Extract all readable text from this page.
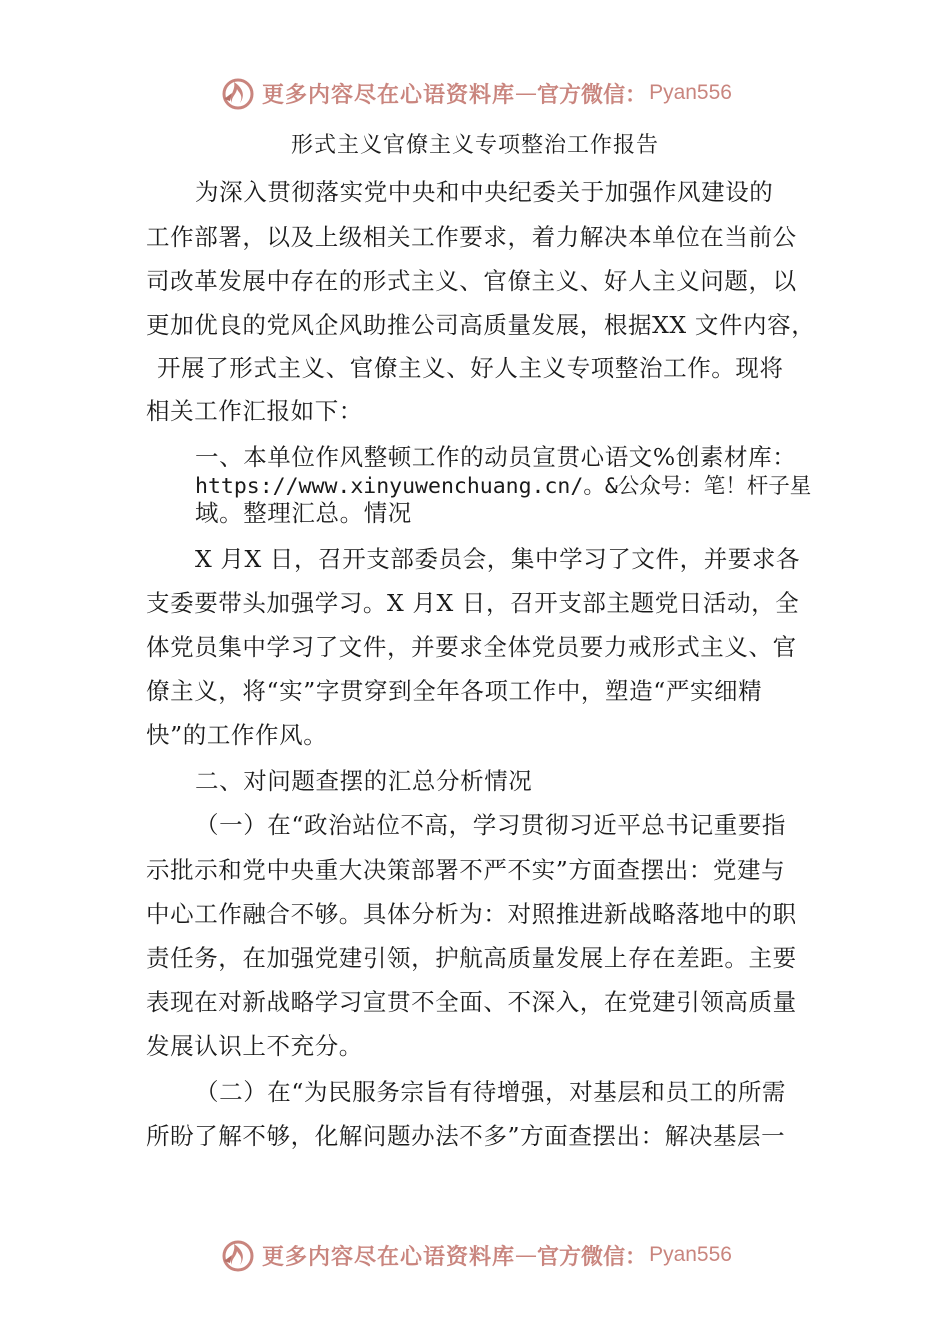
更多内容尽在心语资料库 — 官方微信： Pyan556
形式主义官僚主义专项整治工作报告
为深入贯彻落实党中央和中央纪委关于加强作风建设的
工作部署，以及上级相关工作要求，着力解决本单位在当前公
司改革发展中存在的形式主义、官僚主义、好人主义问题，以
更加优良的党风企风助推公司高质量发展，根据XX 文件内容，
开展了形式主义、官僚主义、好人主义专项整治工作。现将
相关工作汇报如下：
一、本单位作风整顿工作的动员宣贯心语文%创素材库：
https://www.xinyuwenchuang.cn/。&公众号：笔！杆子星
域。整理汇总。情况
X 月X 日，召开支部委员会，集中学习了文件，并要求各
支委要带头加强学习。X 月X 日，召开支部主题党日活动，全
体党员集中学习了文件，并要求全体党员要力戒形式主义、官
僚主义，将“实”字贯穿到全年各项工作中，塑造“严实细精
快”的工作作风。
二、对问题查摆的汇总分析情况
（一）在“政治站位不高，学习贯彻习近平总书记重要指
示批示和党中央重大决策部署不严不实”方面查摆出：党建与
中心工作融合不够。具体分析为：对照推进新战略落地中的职
责任务，在加强党建引领，护航高质量发展上存在差距。主要
表现在对新战略学习宣贯不全面、不深入，在党建引领高质量
发展认识上不充分。
（二）在“为民服务宗旨有待增强，对基层和员工的所需
所盼了解不够，化解问题办法不多”方面查摆出：解决基层一
更多内容尽在心语资料库 — 官方微信： Pyan556
